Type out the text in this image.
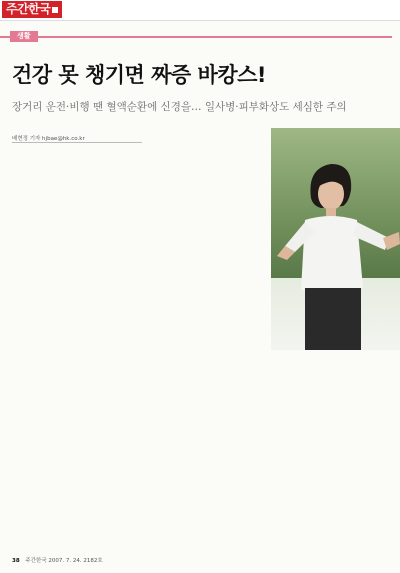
주간한국
생활
건강 못 챙기면 짜증 바캉스!
장거리 운전·비행 땐 혈액순환에 신경을… 일사병·피부화상도 세심한 주의
배현정 기자 hjbae@hk.co.kr

38 주간한국 2007. 7. 24. 2182호
